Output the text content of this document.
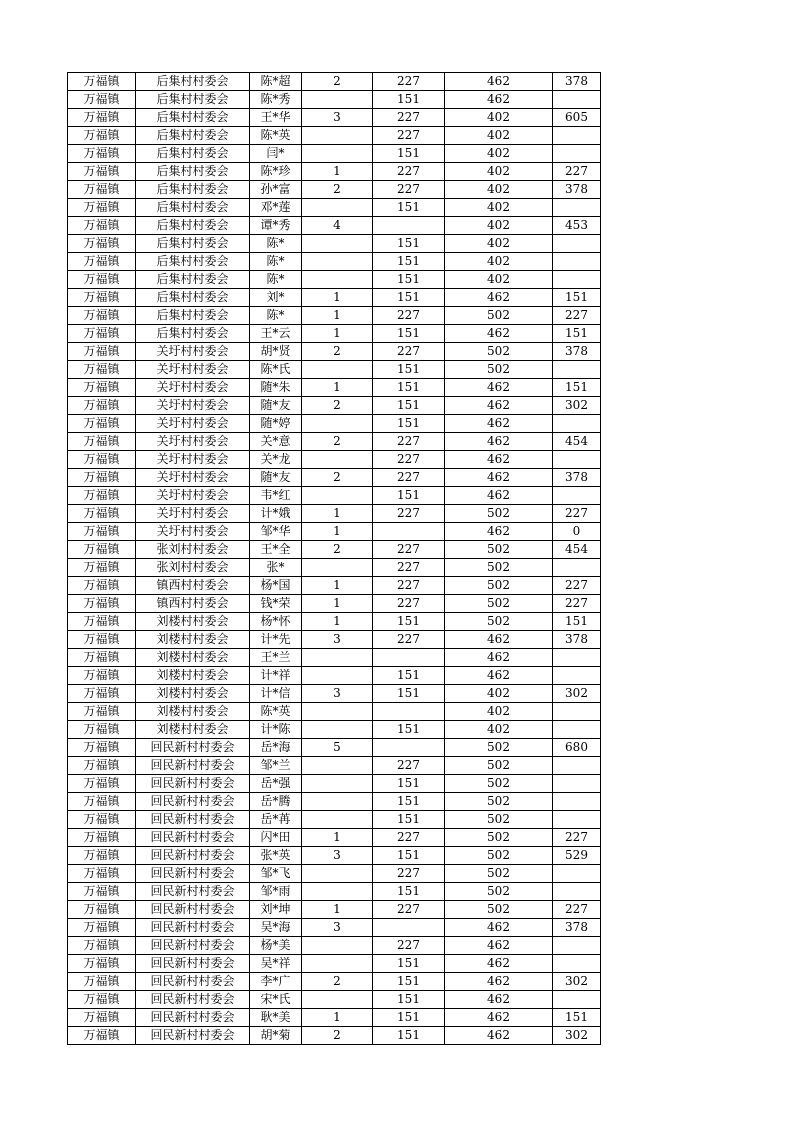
万福镇	后集村村委会	陈*超	2	227	462	378
万福镇	后集村村委会	陈*秀		151	462	
万福镇	后集村村委会	王*华	3	227	402	605
万福镇	后集村村委会	陈*英		227	402	
万福镇	后集村村委会	闫*		151	402	
万福镇	后集村村委会	陈*珍	1	227	402	227
万福镇	后集村村委会	孙*富	2	227	402	378
万福镇	后集村村委会	邓*莲		151	402	
万福镇	后集村村委会	谭*秀	4		402	453
万福镇	后集村村委会	陈*		151	402	
万福镇	后集村村委会	陈*		151	402	
万福镇	后集村村委会	陈*		151	402	
万福镇	后集村村委会	刘*	1	151	462	151
万福镇	后集村村委会	陈*	1	227	502	227
万福镇	后集村村委会	王*云	1	151	462	151
万福镇	关圩村村委会	胡*贤	2	227	502	378
万福镇	关圩村村委会	陈*氏		151	502	
万福镇	关圩村村委会	随*朱	1	151	462	151
万福镇	关圩村村委会	随*友	2	151	462	302
万福镇	关圩村村委会	随*婷		151	462	
万福镇	关圩村村委会	关*意	2	227	462	454
万福镇	关圩村村委会	关*龙		227	462	
万福镇	关圩村村委会	随*友	2	227	462	378
万福镇	关圩村村委会	韦*红		151	462	
万福镇	关圩村村委会	计*娥	1	227	502	227
万福镇	关圩村村委会	邹*华	1		462	0
万福镇	张刘村村委会	王*全	2	227	502	454
万福镇	张刘村村委会	张*		227	502	
万福镇	镇西村村委会	杨*国	1	227	502	227
万福镇	镇西村村委会	钱*荣	1	227	502	227
万福镇	刘楼村村委会	杨*怀	1	151	502	151
万福镇	刘楼村村委会	计*先	3	227	462	378
万福镇	刘楼村村委会	王*兰			462	
万福镇	刘楼村村委会	计*祥		151	462	
万福镇	刘楼村村委会	计*信	3	151	402	302
万福镇	刘楼村村委会	陈*英			402	
万福镇	刘楼村村委会	计*陈		151	402	
万福镇	回民新村村委会	岳*海	5		502	680
万福镇	回民新村村委会	邹*兰		227	502	
万福镇	回民新村村委会	岳*强		151	502	
万福镇	回民新村村委会	岳*腾		151	502	
万福镇	回民新村村委会	岳*苒		151	502	
万福镇	回民新村村委会	闪*田	1	227	502	227
万福镇	回民新村村委会	张*英	3	151	502	529
万福镇	回民新村村委会	邹*飞		227	502	
万福镇	回民新村村委会	邹*雨		151	502	
万福镇	回民新村村委会	刘*坤	1	227	502	227
万福镇	回民新村村委会	吴*海	3		462	378
万福镇	回民新村村委会	杨*美		227	462	
万福镇	回民新村村委会	吴*祥		151	462	
万福镇	回民新村村委会	李*广	2	151	462	302
万福镇	回民新村村委会	宋*氏		151	462	
万福镇	回民新村村委会	耿*美	1	151	462	151
万福镇	回民新村村委会	胡*菊	2	151	462	302
